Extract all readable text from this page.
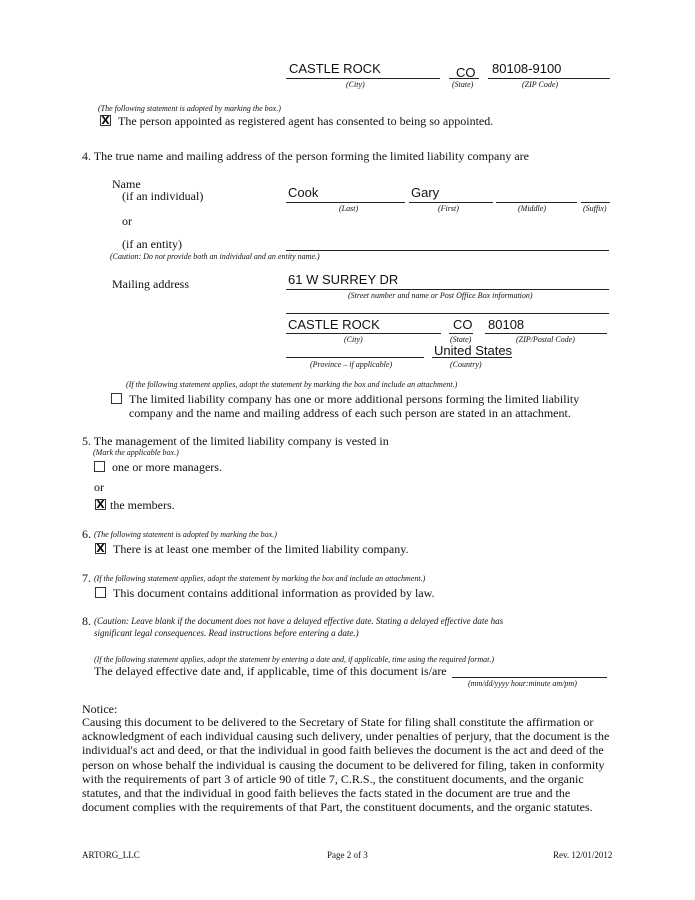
CASTLE ROCK	CO 80108-9100
(City)	(State)	(ZIP Code)
(The following statement is adopted by marking the box.)
X The person appointed as registered agent has consented to being so appointed.
4. The true name and mailing address of the person forming the limited liability company are
Name
(if an individual)	Cook	Gary
(Last)	(First)	(Middle)	(Suffix)
or
(if an entity)
(Caution: Do not provide both an individual and an entity name.)
Mailing address	61 W SURREY DR
(Street number and name or Post Office Box information)
CASTLE ROCK	CO 80108
(City)	(State)	(ZIP/Postal Code)
United States
(Province – if applicable)	(Country)
(If the following statement applies, adopt the statement by marking the box and include an attachment.)
The limited liability company has one or more additional persons forming the limited liability
company and the name and mailing address of each such person are stated in an attachment.
5. The management of the limited liability company is vested in
(Mark the applicable box.)
one or more managers.
or
X the members.
6. (The following statement is adopted by marking the box.)
X There is at least one member of the limited liability company.
7. (If the following statement applies, adopt the statement by marking the box and include an attachment.)
This document contains additional information as provided by law.
8. (Caution: Leave blank if the document does not have a delayed effective date. Stating a delayed effective date has
significant legal consequences. Read instructions before entering a date.)
(If the following statement applies, adopt the statement by entering a date and, if applicable, time using the required format.)
The delayed effective date and, if applicable, time of this document is/are
(mm/dd/yyyy hour:minute am/pm)
Notice:
Causing this document to be delivered to the Secretary of State for filing shall constitute the affirmation or
acknowledgment of each individual causing such delivery, under penalties of perjury, that the document is the
individual's act and deed, or that the individual in good faith believes the document is the act and deed of the
person on whose behalf the individual is causing the document to be delivered for filing, taken in conformity
with the requirements of part 3 of article 90 of title 7, C.R.S., the constituent documents, and the organic
statutes, and that the individual in good faith believes the facts stated in the document are true and the
document complies with the requirements of that Part, the constituent documents, and the organic statutes.
ARTORG_LLC	Page 2 of 3	Rev. 12/01/2012
